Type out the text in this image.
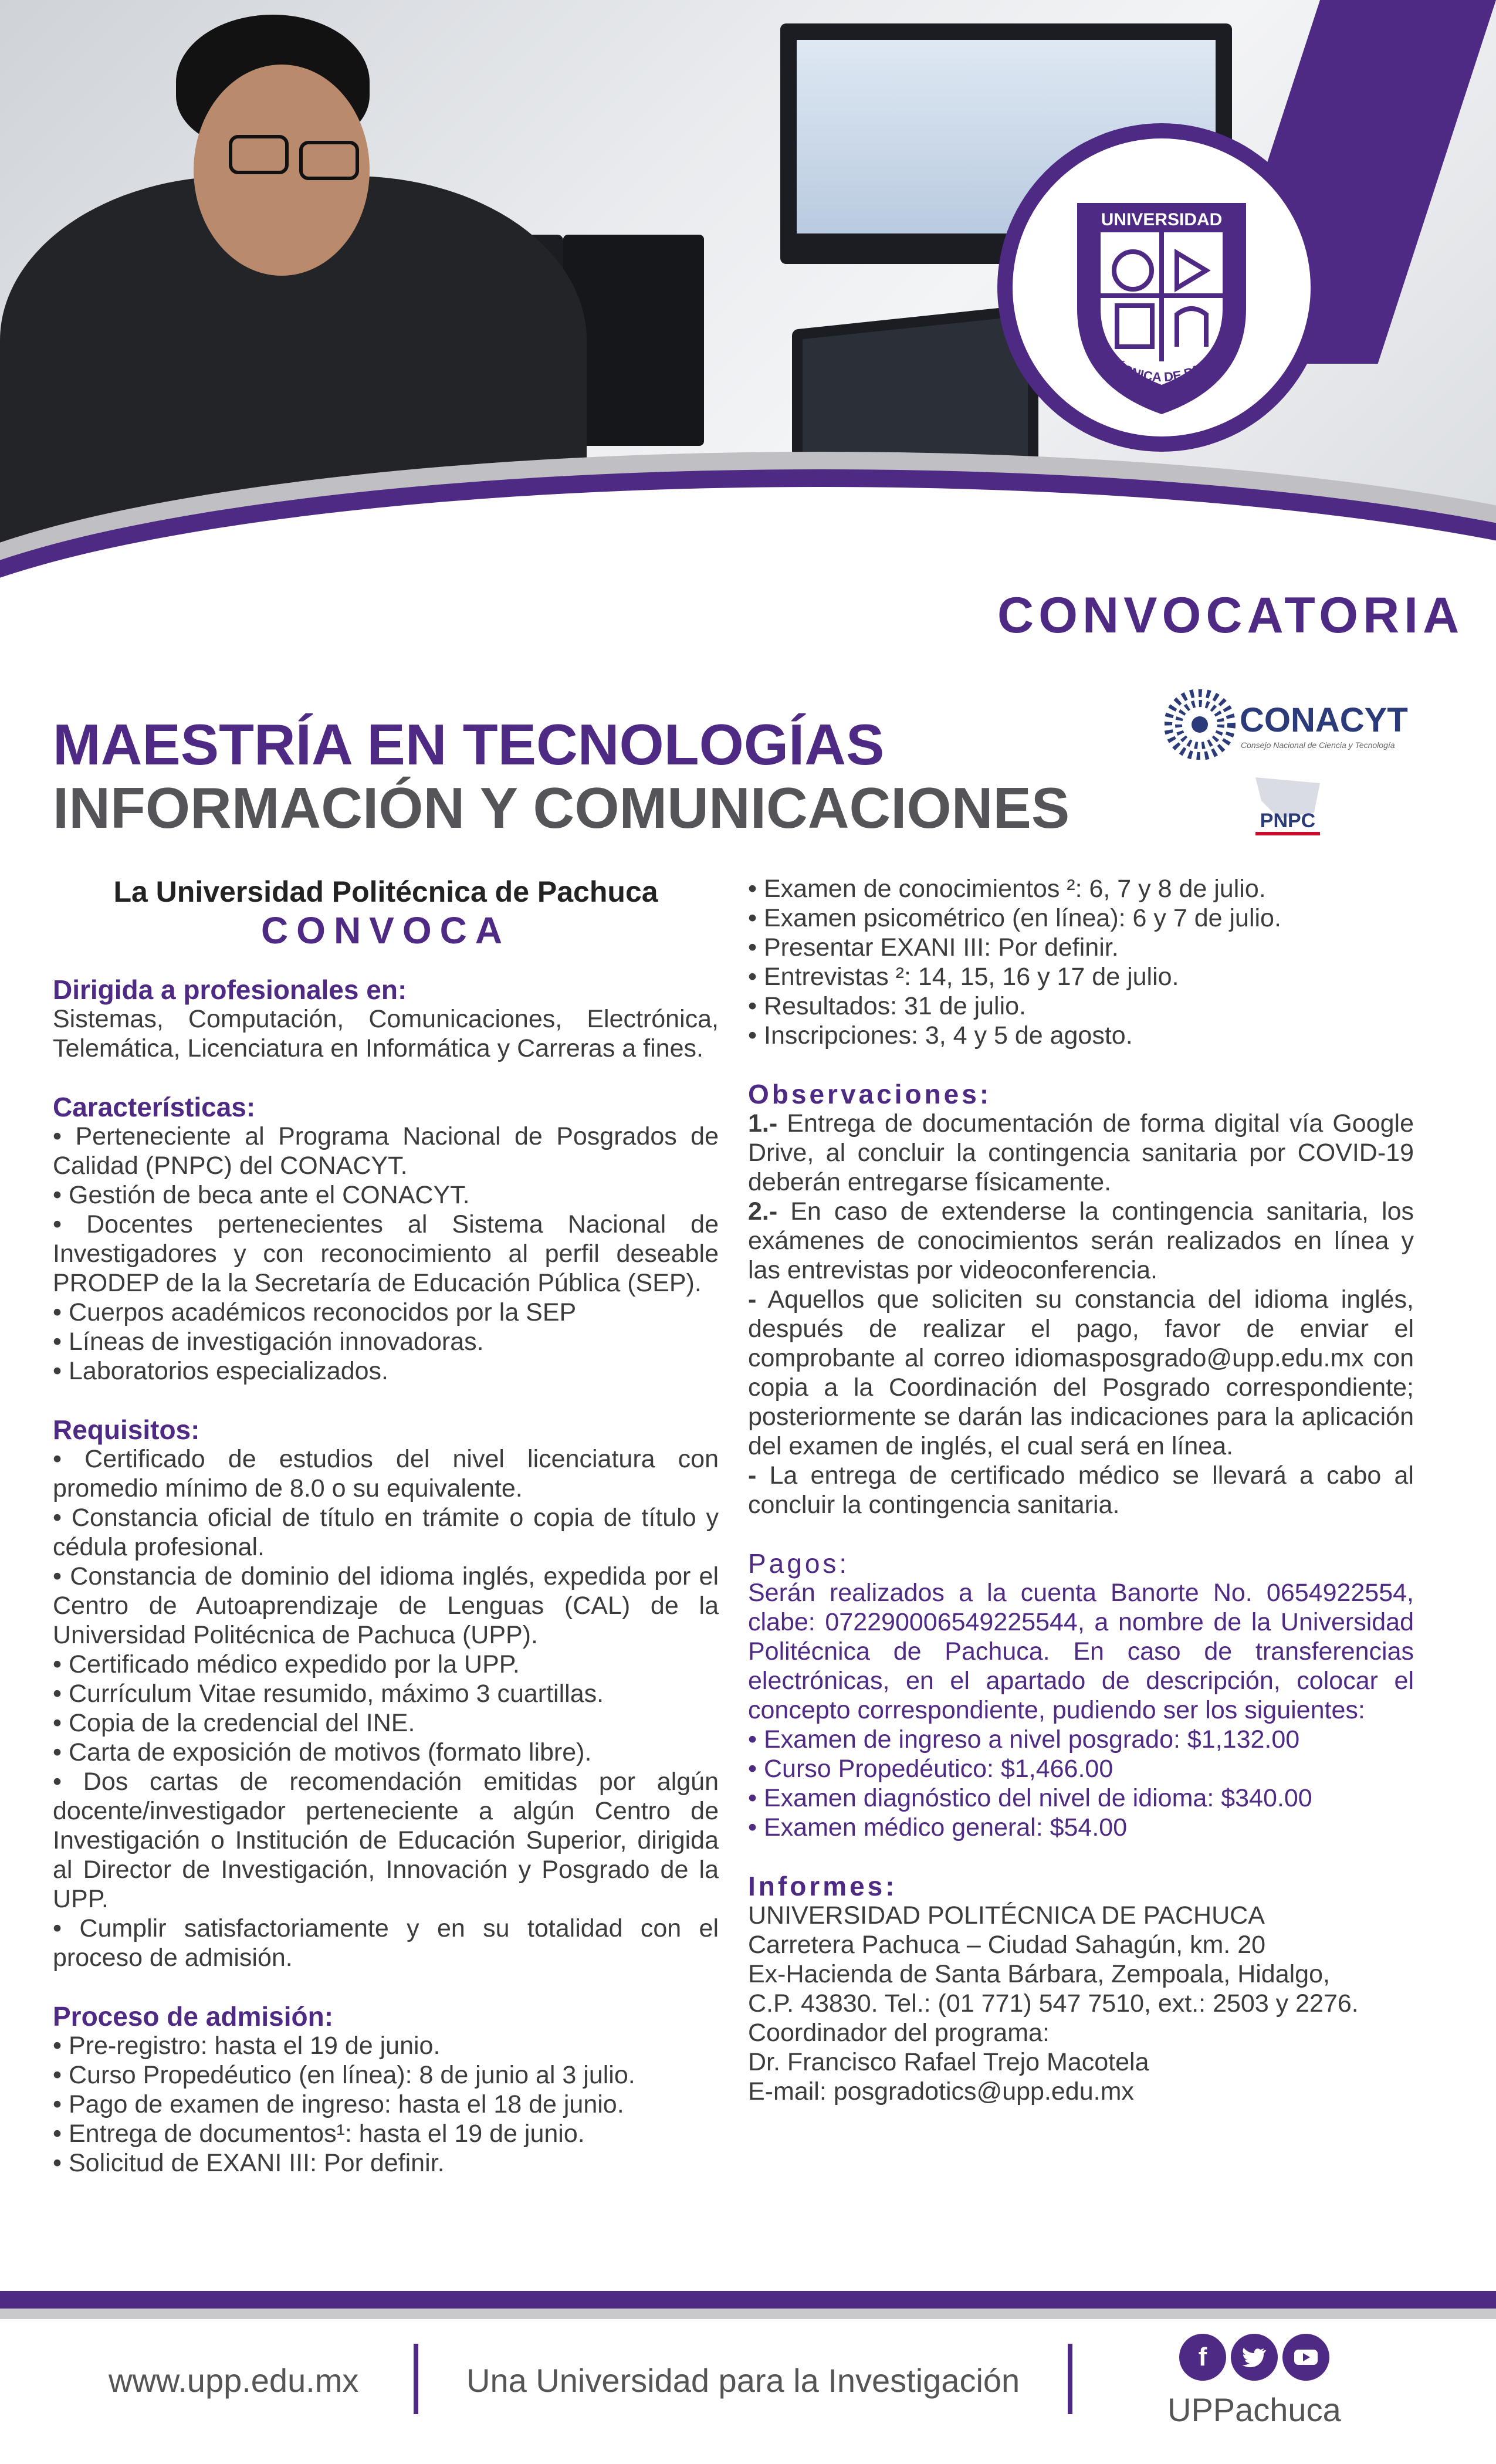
UNIVERSIDAD
POLITÉCNICA DE PACHUCA
CONVOCATORIA
CONACYT
Consejo Nacional de Ciencia y Tecnología
PNPC
MAESTRÍA EN TECNOLOGÍAS
INFORMACIÓN Y COMUNICACIONES
La Universidad Politécnica de Pachuca
CONVOCA
Dirigida a profesionales en:

Sistemas, Computación, Comunicaciones, Electrónica, Telemática, Licenciatura en Informática y Carreras a fines.

Características:

• Perteneciente al Programa Nacional de Posgrados de Calidad (PNPC) del CONACYT.

• Gestión de beca ante el CONACYT.

• Docentes pertenecientes al Sistema Nacional de Investigadores y con reconocimiento al perfil deseable PRODEP de la la Secretaría de Educación Pública (SEP).

• Cuerpos académicos reconocidos por la SEP

• Líneas de investigación innovadoras.

• Laboratorios especializados.

Requisitos:

• Certificado de estudios del nivel licenciatura con promedio mínimo de 8.0 o su equivalente.

• Constancia oficial de título en trámite o copia de título y cédula profesional.

• Constancia de dominio del idioma inglés, expedida por el Centro de Autoaprendizaje de Lenguas (CAL) de la Universidad Politécnica de Pachuca (UPP).

• Certificado médico expedido por la UPP.

• Currículum Vitae resumido, máximo 3 cuartillas.

• Copia de la credencial del INE.

• Carta de exposición de motivos (formato libre).

• Dos cartas de recomendación emitidas por algún docente/investigador perteneciente a algún Centro de Investigación o Institución de Educación Superior, dirigida al Director de Investigación, Innovación y Posgrado de la UPP.

• Cumplir satisfactoriamente y en su totalidad con el proceso de admisión.

Proceso de admisión:

• Pre-registro: hasta el 19 de junio.

• Curso Propedéutico (en línea): 8 de junio al 3 julio.

• Pago de examen de ingreso: hasta el 18 de junio.

• Entrega de documentos¹: hasta el 19 de junio.

• Solicitud de EXANI III: Por definir.

• Examen de conocimientos ²: 6, 7 y 8 de julio.

• Examen psicométrico (en línea): 6 y 7 de julio.

• Presentar EXANI III: Por definir.

• Entrevistas ²: 14, 15, 16 y 17 de julio.

• Resultados: 31 de julio.

• Inscripciones: 3, 4 y 5 de agosto.

Observaciones:

1.- Entrega de documentación de forma digital vía Google Drive, al concluir la contingencia sanitaria por COVID-19 deberán entregarse físicamente.

2.- En caso de extenderse la contingencia sanitaria, los exámenes de conocimientos serán realizados en línea y las entrevistas por videoconferencia.

- Aquellos que soliciten su constancia del idioma inglés, después de realizar el pago, favor de enviar el comprobante al correo idiomasposgrado@upp.edu.mx con copia a la Coordinación del Posgrado correspondiente; posteriormente se darán las indicaciones para la aplicación del examen de inglés, el cual será en línea.

- La entrega de certificado médico se llevará a cabo al concluir la contingencia sanitaria.

Pagos:

Serán realizados a la cuenta Banorte No. 0654922554, clabe: 072290006549225544, a nombre de la Universidad Politécnica de Pachuca. En caso de transferencias electrónicas, en el apartado de descripción, colocar el concepto correspondiente, pudiendo ser los siguientes:

• Examen de ingreso a nivel posgrado: $1,132.00

• Curso Propedéutico: $1,466.00

• Examen diagnóstico del nivel de idioma: $340.00

• Examen médico general: $54.00

Informes:

UNIVERSIDAD POLITÉCNICA DE PACHUCA

Carretera Pachuca – Ciudad Sahagún, km. 20

Ex-Hacienda de Santa Bárbara, Zempoala, Hidalgo,

C.P. 43830. Tel.: (01 771) 547 7510, ext.: 2503 y 2276.

Coordinador del programa:

Dr. Francisco Rafael Trejo Macotela

E-mail: posgradotics@upp.edu.mx

www.upp.edu.mx	Una Universidad para la Investigación
f
UPPachuca
